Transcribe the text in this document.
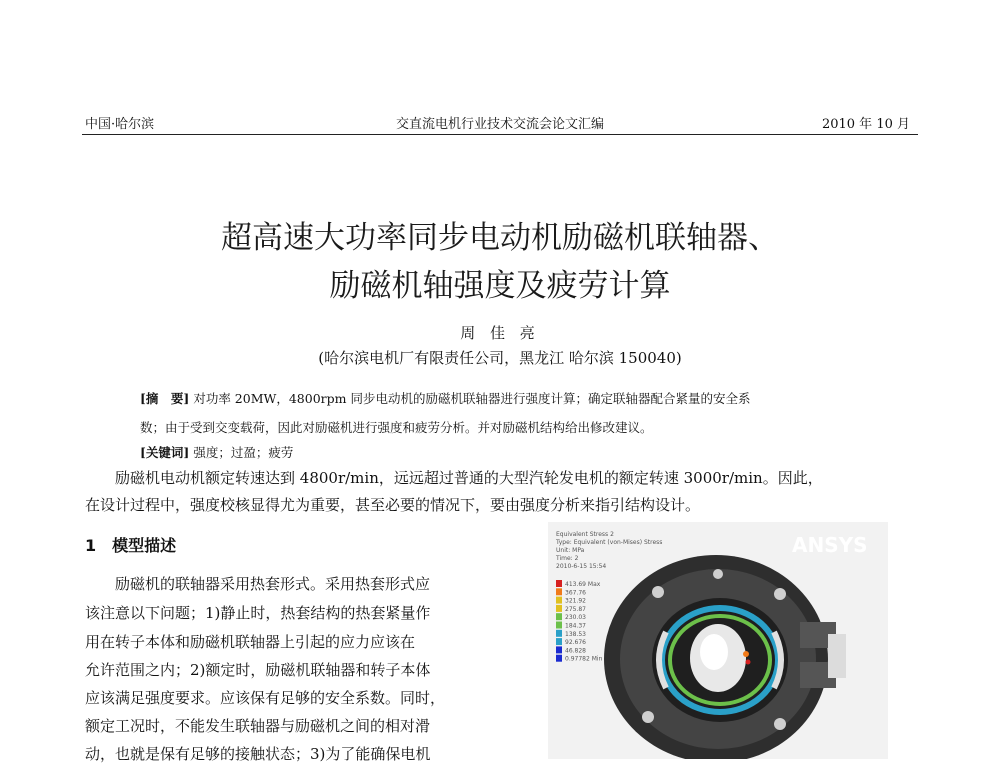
中国·哈尔滨	交直流电机行业技术交流会论文汇编	2010 年 10 月
超高速大功率同步电动机励磁机联轴器、
励磁机轴强度及疲劳计算
周 佳 亮
(哈尔滨电机厂有限责任公司，黑龙江 哈尔滨 150040)
[摘　要] 对功率 20MW，4800rpm 同步电动机的励磁机联轴器进行强度计算；确定联轴器配合紧量的安全系
数；由于受到交变载荷，因此对励磁机进行强度和疲劳分析。并对励磁机结构给出修改建议。
[关键词] 强度；过盈；疲劳
励磁机电动机额定转速达到 4800r/min，远远超过普通的大型汽轮发电机的额定转速 3000r/min。因此，
在设计过程中，强度校核显得尤为重要，甚至必要的情况下，要由强度分析来指引结构设计。
1　模型描述
励磁机的联轴器采用热套形式。采用热套形式应
该注意以下问题；1)静止时，热套结构的热套紧量作
用在转子本体和励磁机联轴器上引起的应力应该在
允许范围之内；2)额定时，励磁机联轴器和转子本体
应该满足强度要求。应该保有足够的安全系数。同时，
额定工况时，不能发生联轴器与励磁机之间的相对滑
动，也就是保有足够的接触状态；3)为了能确保电机
ANSYS
Equivalent Stress 2
Type: Equivalent (von-Mises) Stress
Unit: MPa
Time: 2
2010-6-15 15:54
413.69 Max
367.76
321.92
275.87
230.03
184.37
138.53
92.676
46.828
0.97782 Min
